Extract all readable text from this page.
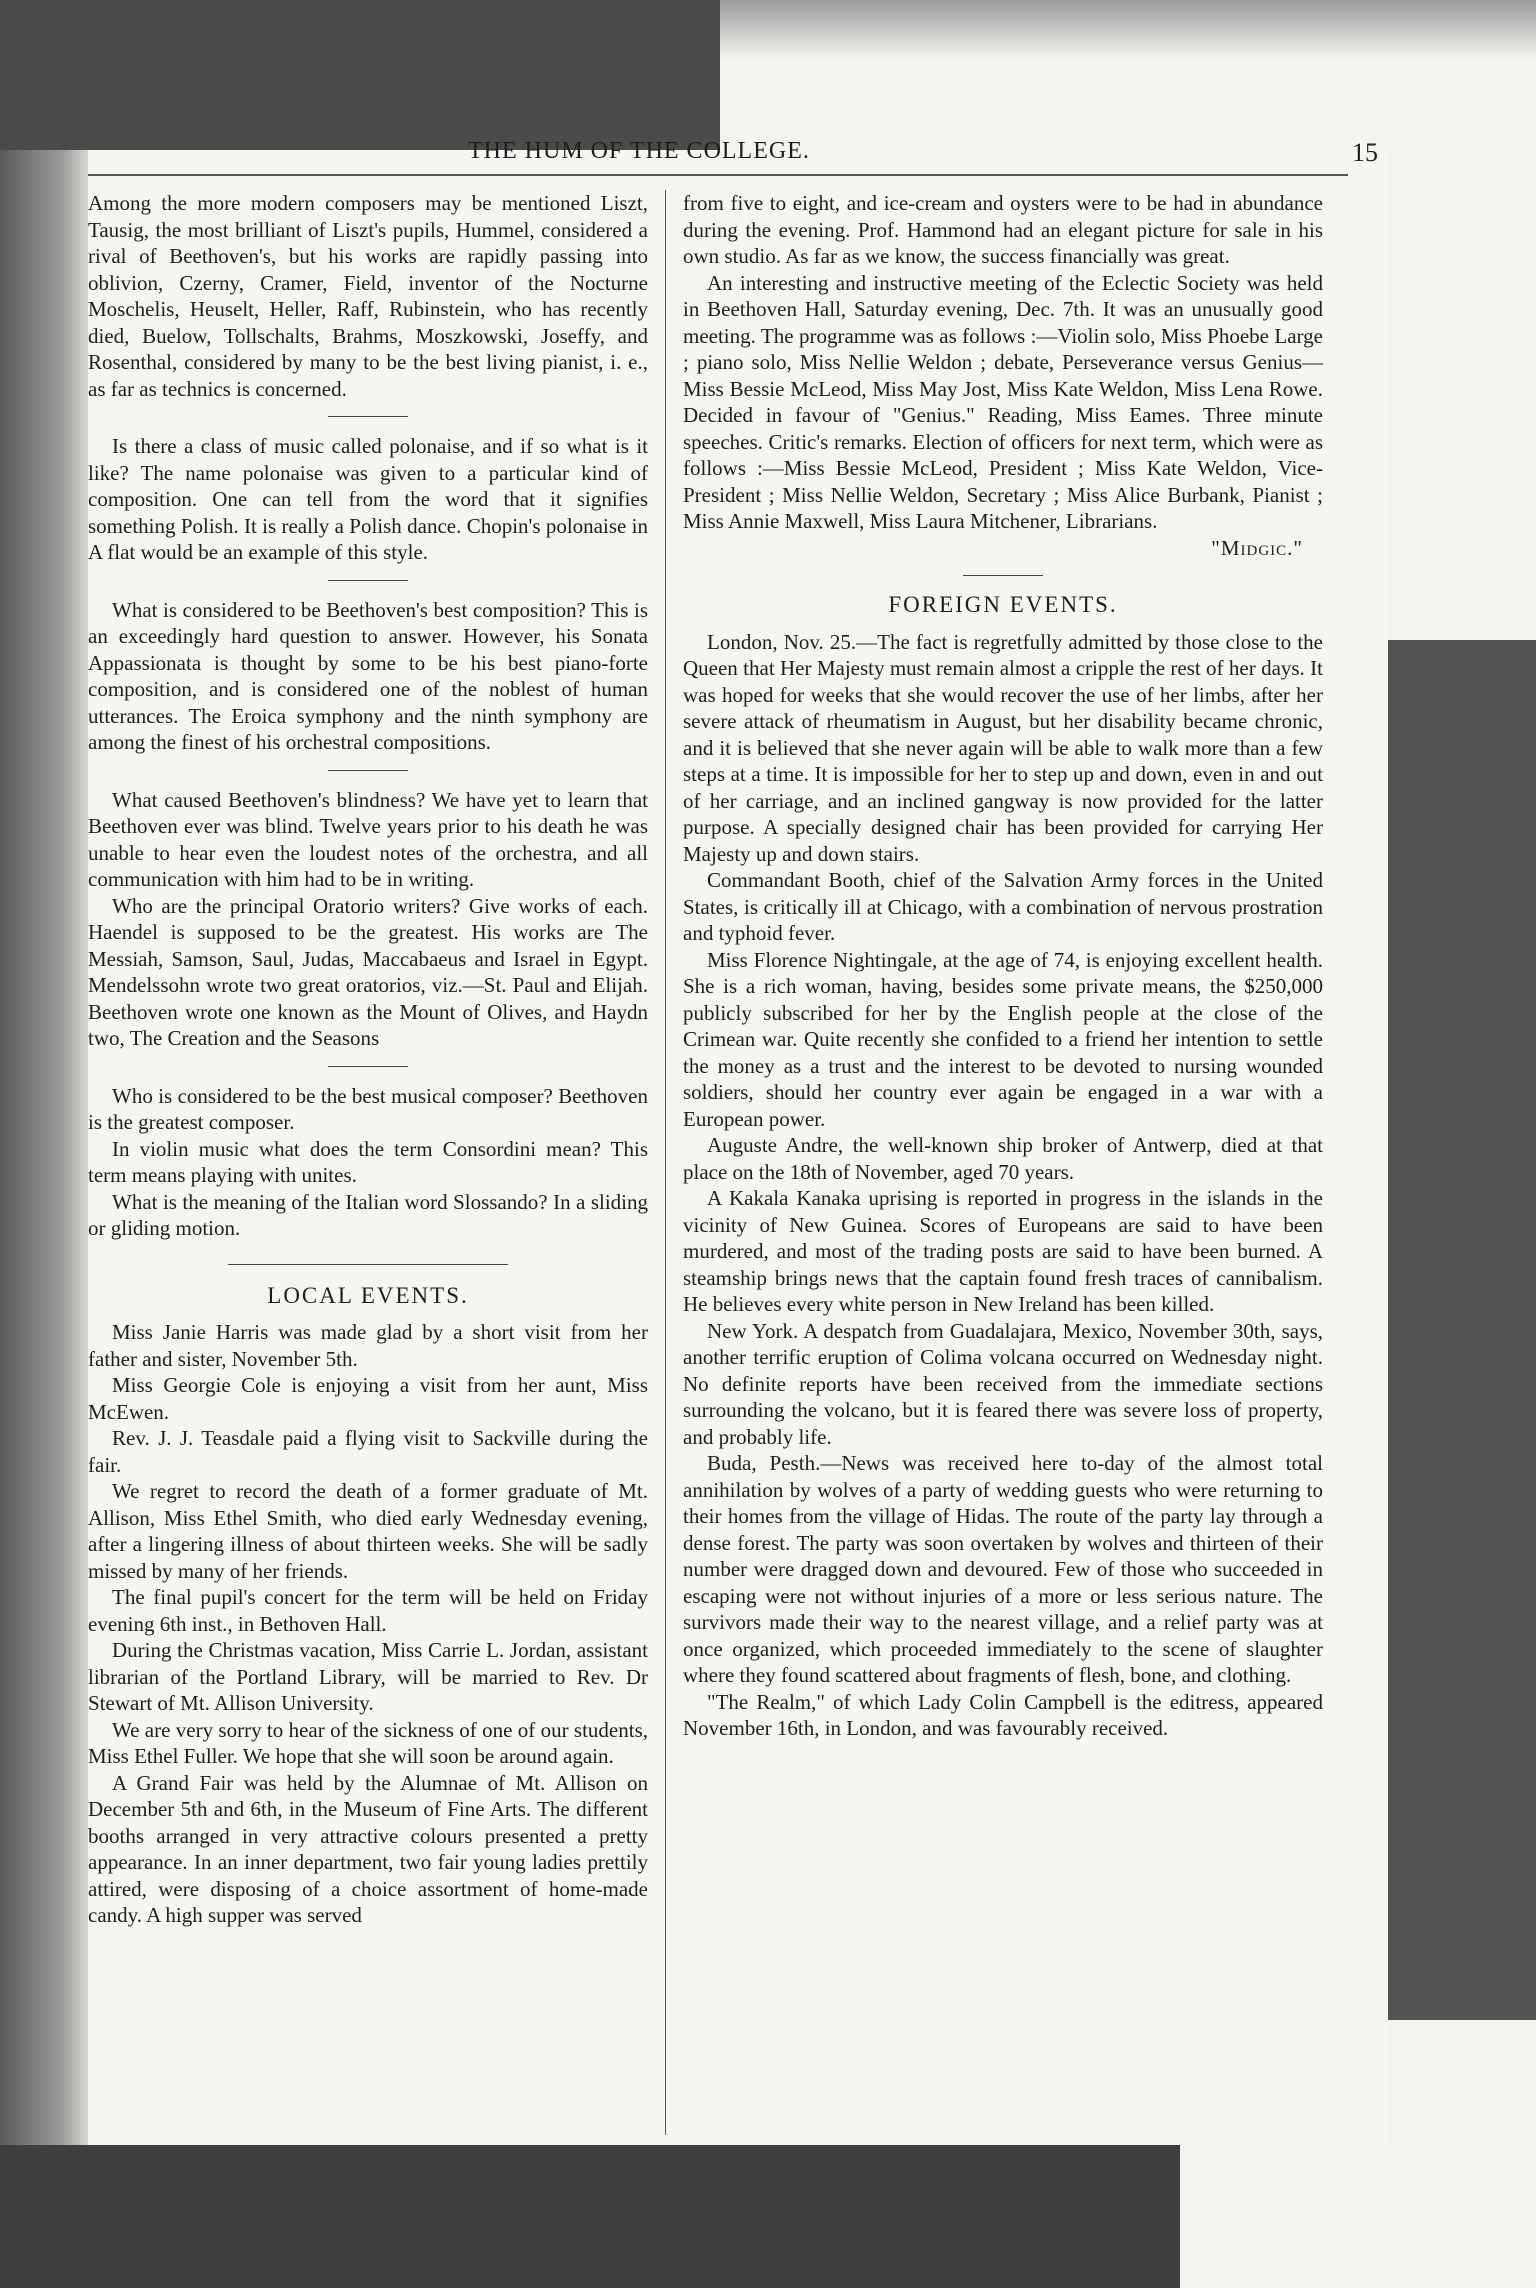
THE HUM OF THE COLLEGE.	15

Among the more modern composers may be mentioned Liszt, Tausig, the most brilliant of Liszt's pupils, Hummel, considered a rival of Beethoven's, but his works are rapidly passing into oblivion, Czerny, Cramer, Field, inventor of the Nocturne Moschelis, Heuselt, Heller, Raff, Rubinstein, who has recently died, Buelow, Tollschalts, Brahms, Moszkowski, Joseffy, and Rosenthal, considered by many to be the best living pianist, i. e., as far as technics is concerned.

Is there a class of music called polonaise, and if so what is it like? The name polonaise was given to a particular kind of composition. One can tell from the word that it signifies something Polish. It is really a Polish dance. Chopin's polonaise in A flat would be an example of this style.

What is considered to be Beethoven's best composition? This is an exceedingly hard question to answer. However, his Sonata Appassionata is thought by some to be his best piano-forte composition, and is considered one of the noblest of human utterances. The Eroica symphony and the ninth symphony are among the finest of his orchestral compositions.

What caused Beethoven's blindness? We have yet to learn that Beethoven ever was blind. Twelve years prior to his death he was unable to hear even the loudest notes of the orchestra, and all communication with him had to be in writing.

Who are the principal Oratorio writers? Give works of each. Haendel is supposed to be the greatest. His works are The Messiah, Samson, Saul, Judas, Maccabaeus and Israel in Egypt. Mendelssohn wrote two great oratorios, viz.—St. Paul and Elijah. Beethoven wrote one known as the Mount of Olives, and Haydn two, The Creation and the Seasons

Who is considered to be the best musical composer? Beethoven is the greatest composer.

In violin music what does the term Consordini mean? This term means playing with unites.

What is the meaning of the Italian word Slossando? In a sliding or gliding motion.

LOCAL EVENTS.

Miss Janie Harris was made glad by a short visit from her father and sister, November 5th.

Miss Georgie Cole is enjoying a visit from her aunt, Miss McEwen.

Rev. J. J. Teasdale paid a flying visit to Sackville during the fair.

We regret to record the death of a former graduate of Mt. Allison, Miss Ethel Smith, who died early Wednesday evening, after a lingering illness of about thirteen weeks. She will be sadly missed by many of her friends.

The final pupil's concert for the term will be held on Friday evening 6th inst., in Bethoven Hall.

During the Christmas vacation, Miss Carrie L. Jordan, assistant librarian of the Portland Library, will be married to Rev. Dr Stewart of Mt. Allison University.

We are very sorry to hear of the sickness of one of our students, Miss Ethel Fuller. We hope that she will soon be around again.

A Grand Fair was held by the Alumnae of Mt. Allison on December 5th and 6th, in the Museum of Fine Arts. The different booths arranged in very attractive colours presented a pretty appearance. In an inner department, two fair young ladies prettily attired, were disposing of a choice assortment of home-made candy. A high supper was served

from five to eight, and ice-cream and oysters were to be had in abundance during the evening. Prof. Hammond had an elegant picture for sale in his own studio. As far as we know, the success financially was great.

An interesting and instructive meeting of the Eclectic Society was held in Beethoven Hall, Saturday evening, Dec. 7th. It was an unusually good meeting. The programme was as follows :—Violin solo, Miss Phoebe Large ; piano solo, Miss Nellie Weldon ; debate, Perseverance versus Genius—Miss Bessie McLeod, Miss May Jost, Miss Kate Weldon, Miss Lena Rowe. Decided in favour of "Genius." Reading, Miss Eames. Three minute speeches. Critic's remarks. Election of officers for next term, which were as follows :—Miss Bessie McLeod, President ; Miss Kate Weldon, Vice-President ; Miss Nellie Weldon, Secretary ; Miss Alice Burbank, Pianist ; Miss Annie Maxwell, Miss Laura Mitchener, Librarians.

"Midgic."
FOREIGN EVENTS.

London, Nov. 25.—The fact is regretfully admitted by those close to the Queen that Her Majesty must remain almost a cripple the rest of her days. It was hoped for weeks that she would recover the use of her limbs, after her severe attack of rheumatism in August, but her disability became chronic, and it is believed that she never again will be able to walk more than a few steps at a time. It is impossible for her to step up and down, even in and out of her carriage, and an inclined gangway is now provided for the latter purpose. A specially designed chair has been provided for carrying Her Majesty up and down stairs.

Commandant Booth, chief of the Salvation Army forces in the United States, is critically ill at Chicago, with a combination of nervous prostration and typhoid fever.

Miss Florence Nightingale, at the age of 74, is enjoying excellent health. She is a rich woman, having, besides some private means, the $250,000 publicly subscribed for her by the English people at the close of the Crimean war. Quite recently she confided to a friend her intention to settle the money as a trust and the interest to be devoted to nursing wounded soldiers, should her country ever again be engaged in a war with a European power.

Auguste Andre, the well-known ship broker of Antwerp, died at that place on the 18th of November, aged 70 years.

A Kakala Kanaka uprising is reported in progress in the islands in the vicinity of New Guinea. Scores of Europeans are said to have been murdered, and most of the trading posts are said to have been burned. A steamship brings news that the captain found fresh traces of cannibalism. He believes every white person in New Ireland has been killed.

New York. A despatch from Guadalajara, Mexico, November 30th, says, another terrific eruption of Colima volcana occurred on Wednesday night. No definite reports have been received from the immediate sections surrounding the volcano, but it is feared there was severe loss of property, and probably life.

Buda, Pesth.—News was received here to-day of the almost total annihilation by wolves of a party of wedding guests who were returning to their homes from the village of Hidas. The route of the party lay through a dense forest. The party was soon overtaken by wolves and thirteen of their number were dragged down and devoured. Few of those who succeeded in escaping were not without injuries of a more or less serious nature. The survivors made their way to the nearest village, and a relief party was at once organized, which proceeded immediately to the scene of slaughter where they found scattered about fragments of flesh, bone, and clothing.

"The Realm," of which Lady Colin Campbell is the editress, appeared November 16th, in London, and was favourably received.
